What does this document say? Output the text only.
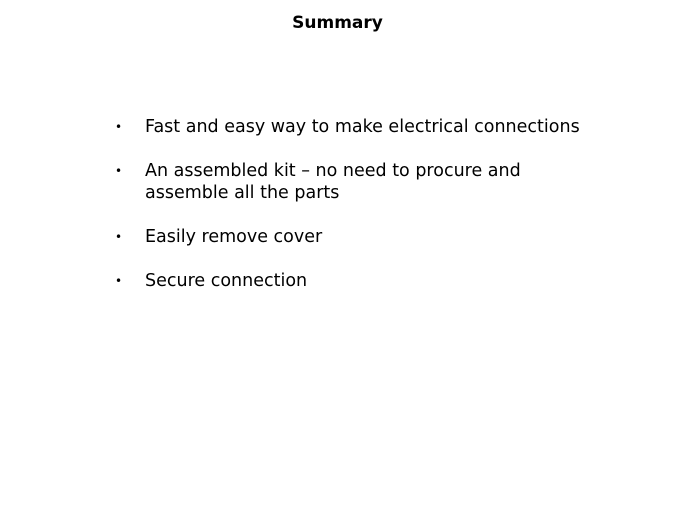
Summary
• Fast and easy way to make electrical connections
• An assembled kit – no need to procure and assemble all the parts
• Easily remove cover
• Secure connection
